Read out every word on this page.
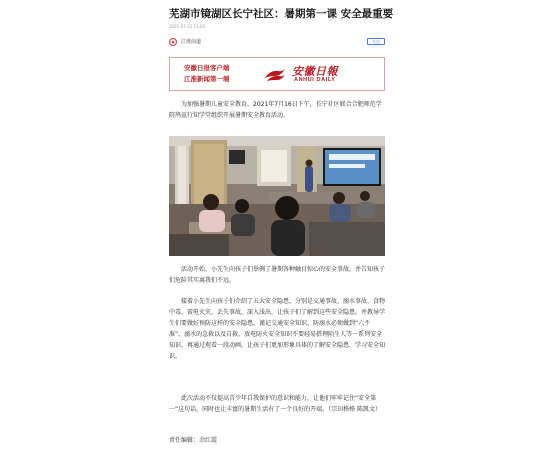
芜湖市镜湖区长宁社区：暑期第一课 安全最重要
2021-07-22 11:03
●	江淮前道	关注
安徽日报客户端
江淮新闻第一端
安徽日報
ANHUI DAILY
为加强暑期儿童安全教育，2021年7月16日下午，长宁社区联合合肥师范学院鸠兹行知学堂组织开展暑期安全教育活动。
活动开始，小先生向孩子们举例了暑期各种触目惊心的安全事故，并告知孩子们危险其实离我们不远。
接着小先生向孩子们介绍了五大安全隐患，分别是交通事故、溺水事故、食物中毒、雷电火灾、丢失事故，深入浅出，让孩子们了解到这些安全隐患。并教导学生们要做好预防这样的安全隐患，谨记交通安全知识、防溺水必须做到“六不准”、溺水的急救以及自救、放电防火安全知识不要轻易搭理陌生人等一系列安全知识。再通过观看一段动画，让孩子们更加形象具体的了解安全隐患，学习安全知识。
此次活动不仅提高青少年自我保护的意识和能力，让他们牢牢记住“安全第一”这句话，同时也让丰富的暑期生活有了一个良好的开端。（宗田格格 陈凯文）
责任编辑：余红霞
